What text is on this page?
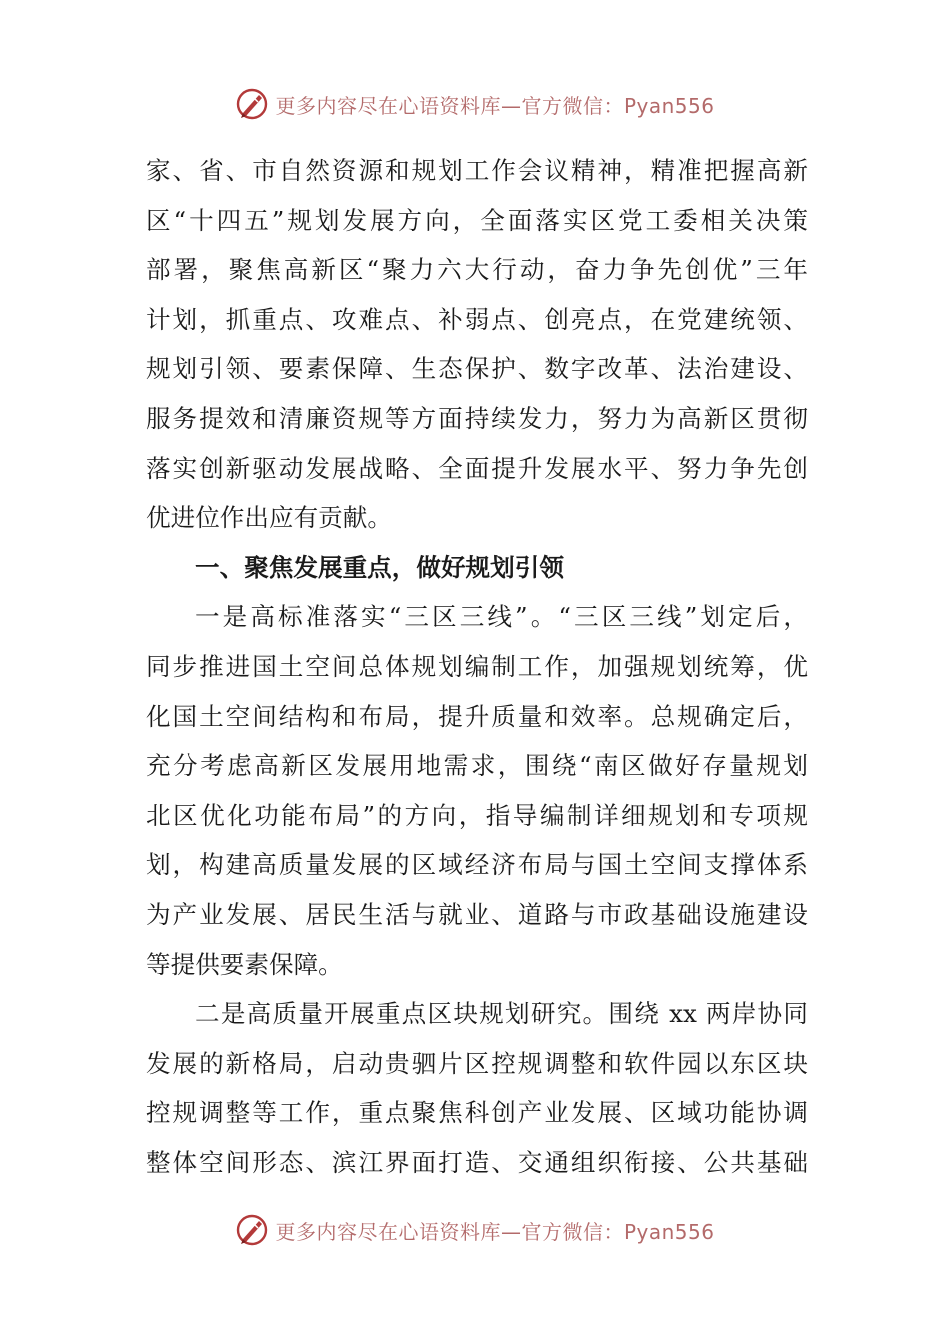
更多内容尽在心语资料库—官方微信：Pyan556
家、省、市自然资源和规划工作会议精神，精准把握高新
区“十四五”规划发展方向，全面落实区党工委相关决策
部署，聚焦高新区“聚力六大行动，奋力争先创优”三年
计划，抓重点、攻难点、补弱点、创亮点，在党建统领、
规划引领、要素保障、生态保护、数字改革、法治建设、
服务提效和清廉资规等方面持续发力，努力为高新区贯彻
落实创新驱动发展战略、全面提升发展水平、努力争先创
优进位作出应有贡献。
一、聚焦发展重点，做好规划引领
一是高标准落实“三区三线”。“三区三线”划定后，
同步推进国土空间总体规划编制工作，加强规划统筹，优
化国土空间结构和布局，提升质量和效率。总规确定后，
充分考虑高新区发展用地需求，围绕“南区做好存量规划
北区优化功能布局”的方向，指导编制详细规划和专项规
划，构建高质量发展的区域经济布局与国土空间支撑体系
为产业发展、居民生活与就业、道路与市政基础设施建设
等提供要素保障。
二是高质量开展重点区块规划研究。围绕 xx 两岸协同
发展的新格局，启动贵驷片区控规调整和软件园以东区块
控规调整等工作，重点聚焦科创产业发展、区域功能协调
整体空间形态、滨江界面打造、交通组织衔接、公共基础
更多内容尽在心语资料库—官方微信：Pyan556
